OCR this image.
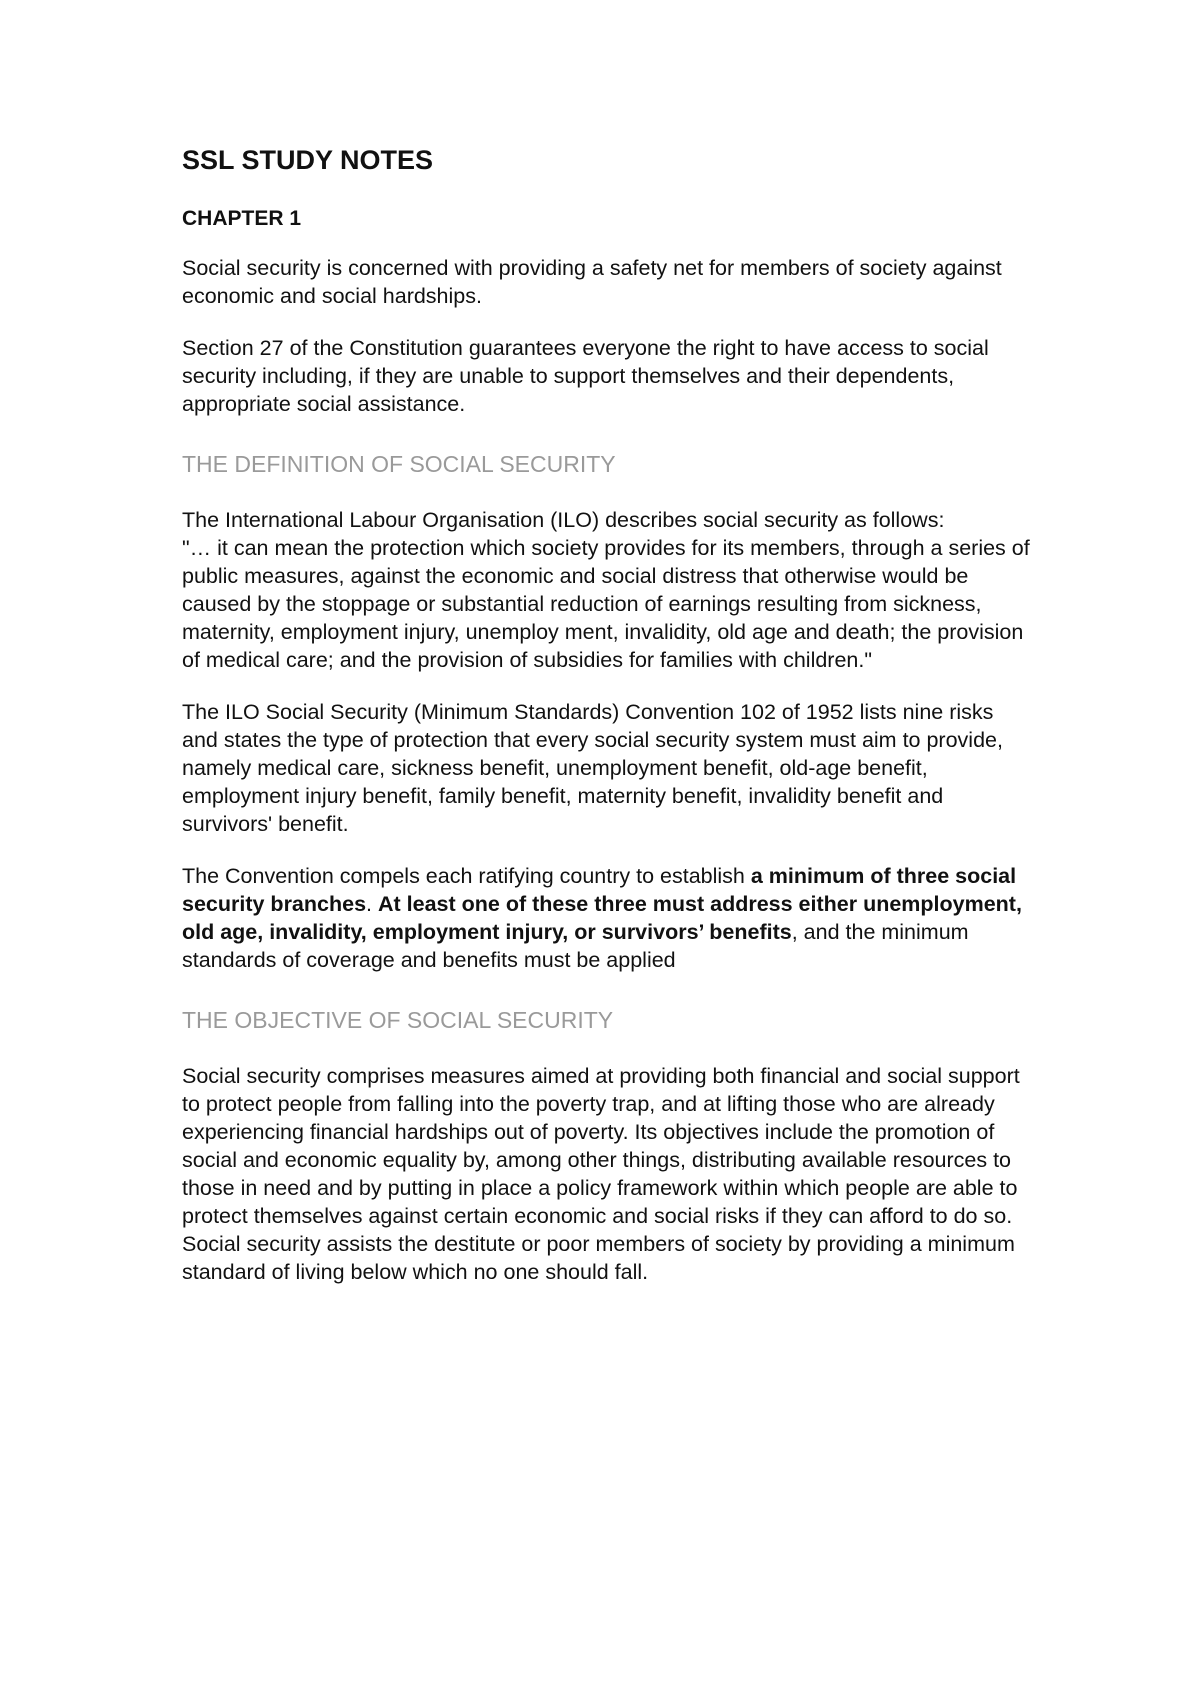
SSL STUDY NOTES
CHAPTER 1

Social security is concerned with providing a safety net for members of society against economic and social hardships.

Section 27 of the Constitution guarantees everyone the right to have access to social security including, if they are unable to support themselves and their dependents, appropriate social assistance.

THE DEFINITION OF SOCIAL SECURITY

The International Labour Organisation (ILO) describes social security as follows:
"… it can mean the protection which society provides for its members, through a series of public measures, against the economic and social distress that otherwise would be caused by the stoppage or substantial reduction of earnings resulting from sickness, maternity, employment injury, unemploy ment, invalidity, old age and death; the provision of medical care; and the provision of subsidies for families with children."

The ILO Social Security (Minimum Standards) Convention 102 of 1952 lists nine risks and states the type of protection that every social security system must aim to provide, namely medical care, sickness benefit, unemployment benefit, old-age benefit, employment injury benefit, family benefit, maternity benefit, invalidity benefit and survivors' benefit.

The Convention compels each ratifying country to establish a minimum of three social security branches. At least one of these three must address either unemployment, old age, invalidity, employment injury, or survivors’ benefits, and the minimum standards of coverage and benefits must be applied

THE OBJECTIVE OF SOCIAL SECURITY

Social security comprises measures aimed at providing both financial and social support to protect people from falling into the poverty trap, and at lifting those who are already experiencing financial hardships out of poverty. Its objectives include the promotion of social and economic equality by, among other things, distributing available resources to those in need and by putting in place a policy framework within which people are able to protect themselves against certain economic and social risks if they can afford to do so. Social security assists the destitute or poor members of society by providing a minimum standard of living below which no one should fall.
